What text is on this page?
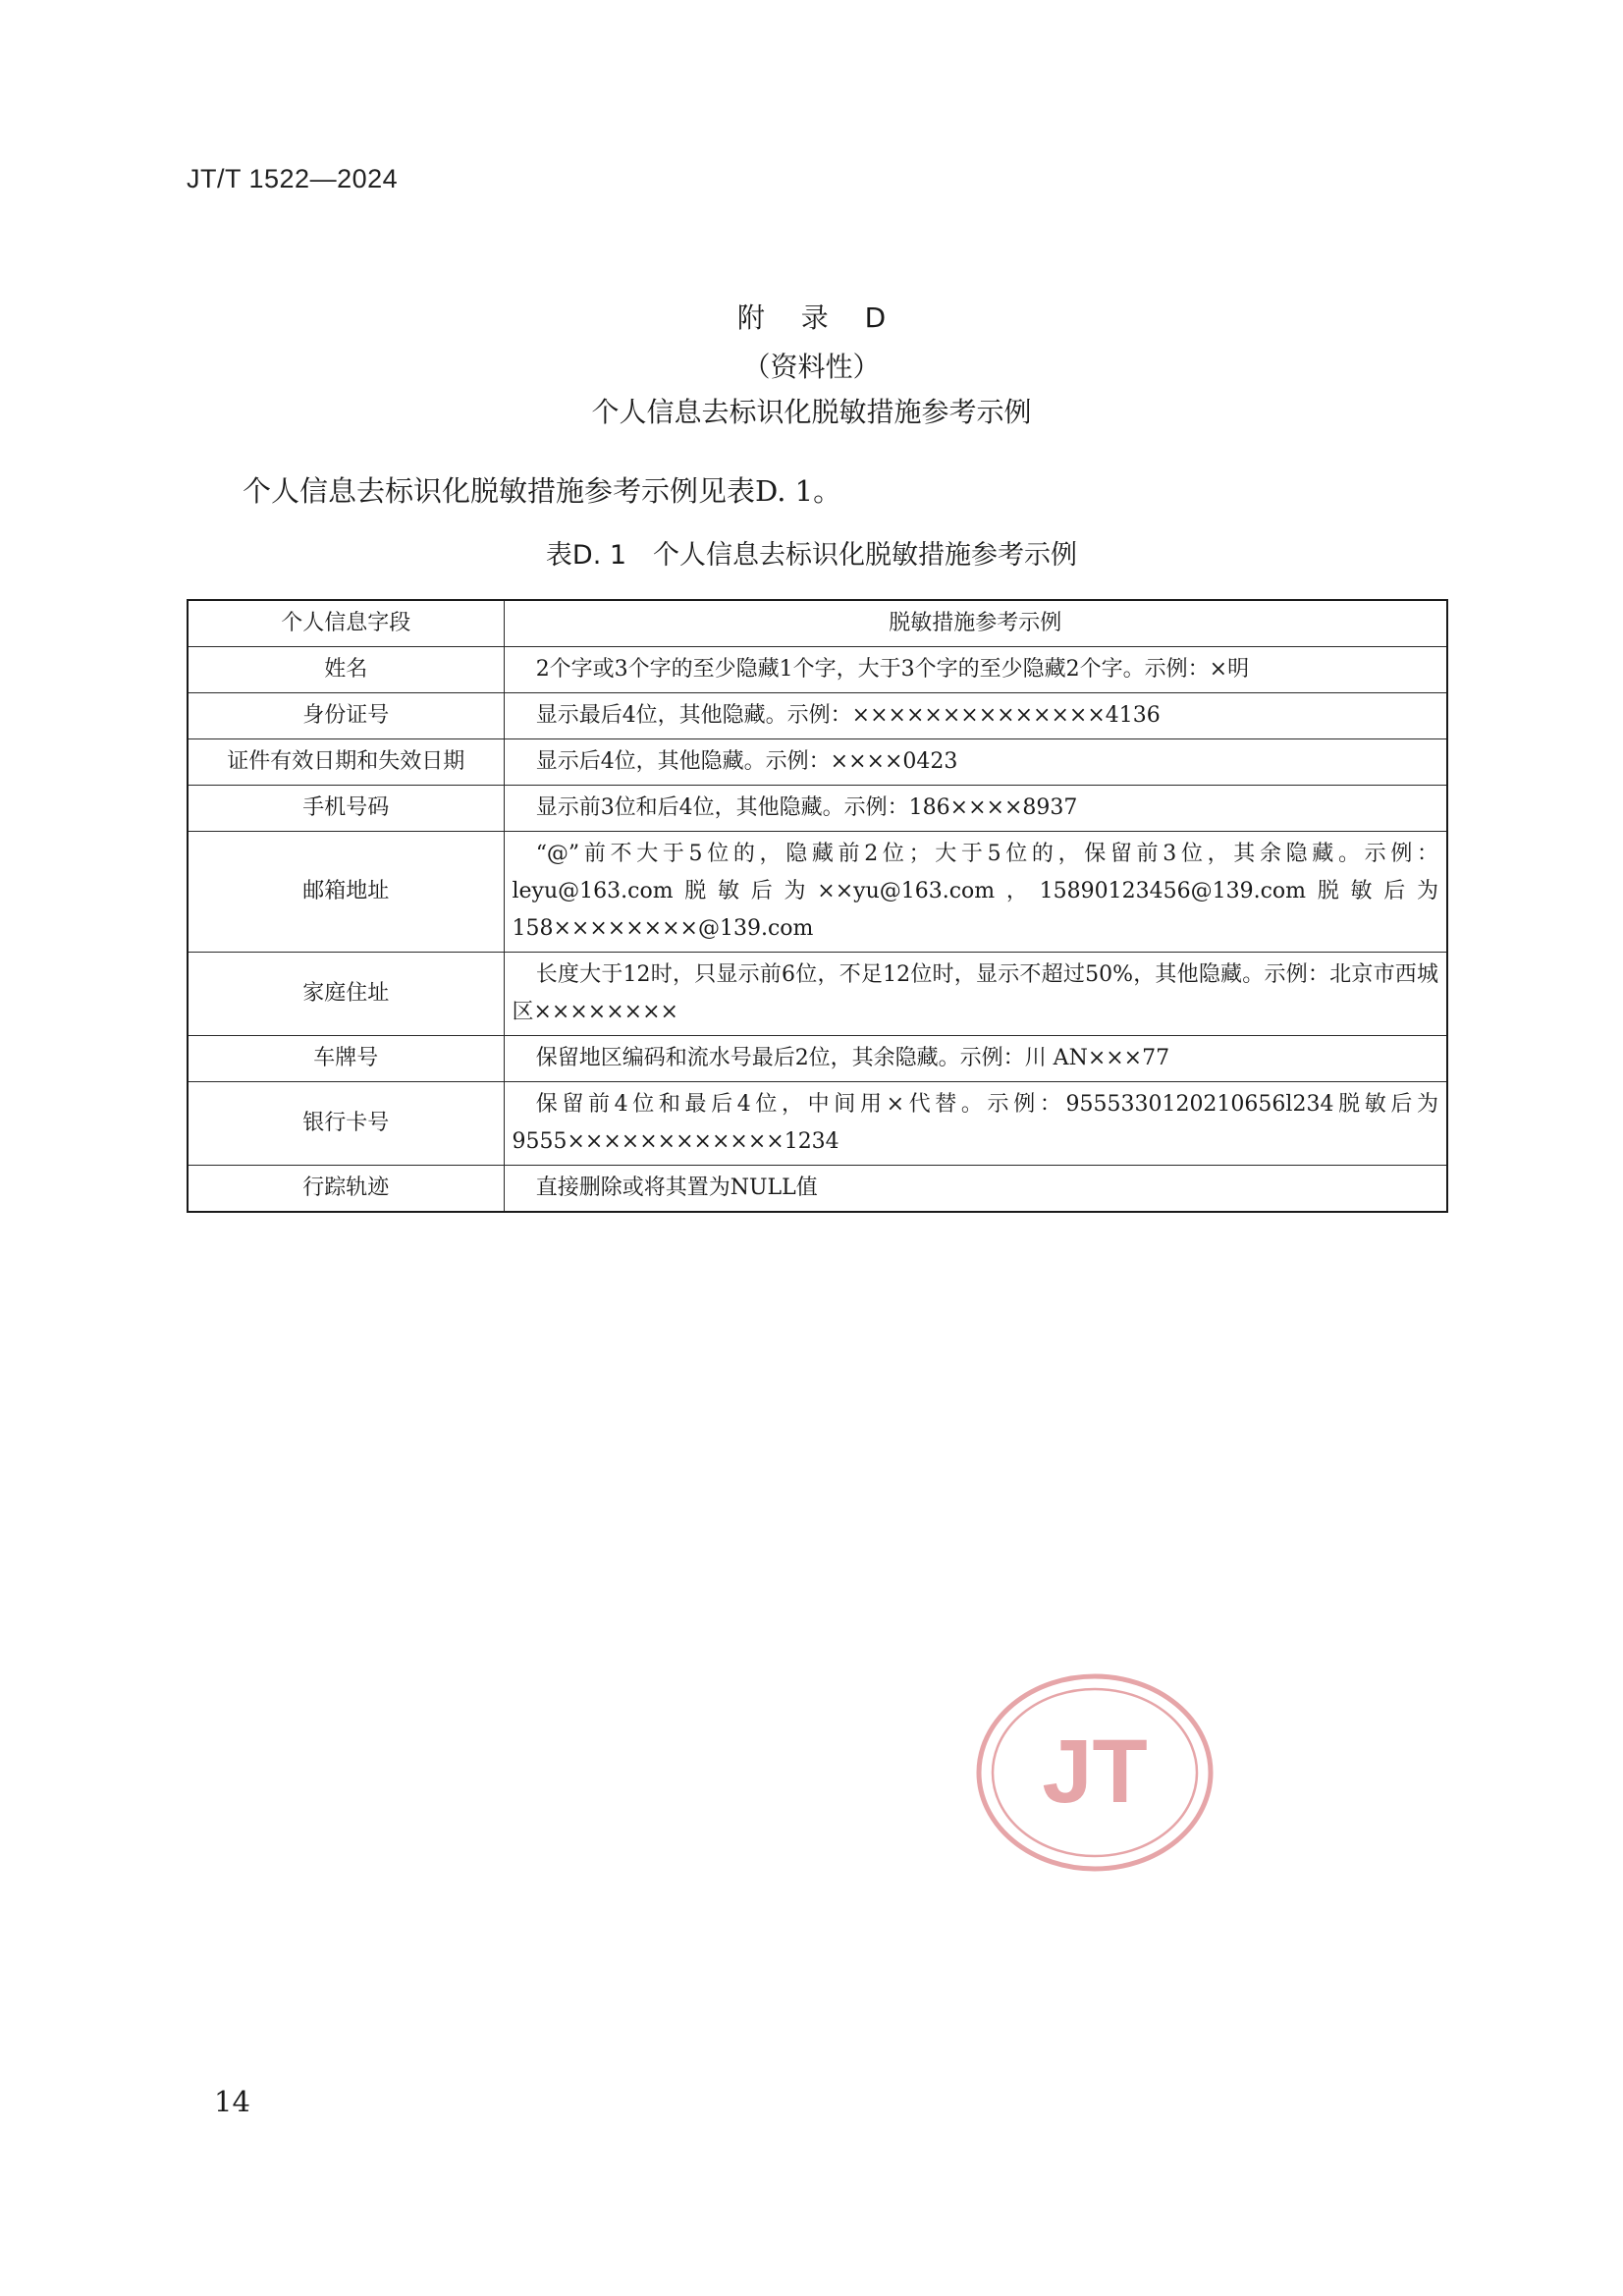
JT/T 1522—2024
附 录 D
（资料性）
个人信息去标识化脱敏措施参考示例
个人信息去标识化脱敏措施参考示例见表D. 1。
表D. 1　个人信息去标识化脱敏措施参考示例
个人信息字段	脱敏措施参考示例
姓名	2个字或3个字的至少隐藏1个字，大于3个字的至少隐藏2个字。示例：×明
身份证号	显示最后4位，其他隐藏。示例：××××××××××××××4136
证件有效日期和失效日期	显示后4位，其他隐藏。示例：××××0423
手机号码	显示前3位和后4位，其他隐藏。示例：186××××8937
邮箱地址	“@”前不大于5位的，隐藏前2位；大于5位的，保留前3位，其余隐藏。示例：leyu@163.com脱敏后为××yu@163.com，15890123456@139.com脱敏后为158××××××××@139.com
家庭住址	长度大于12时，只显示前6位，不足12位时，显示不超过50%，其他隐藏。示例：北京市西城区××××××××
车牌号	保留地区编码和流水号最后2位，其余隐藏。示例：川 AN×××77
银行卡号	保留前4位和最后4位，中间用×代替。示例：9555330120210656l234脱敏后为9555××××××××××××1234
行踪轨迹	直接删除或将其置为NULL值
JT
14
